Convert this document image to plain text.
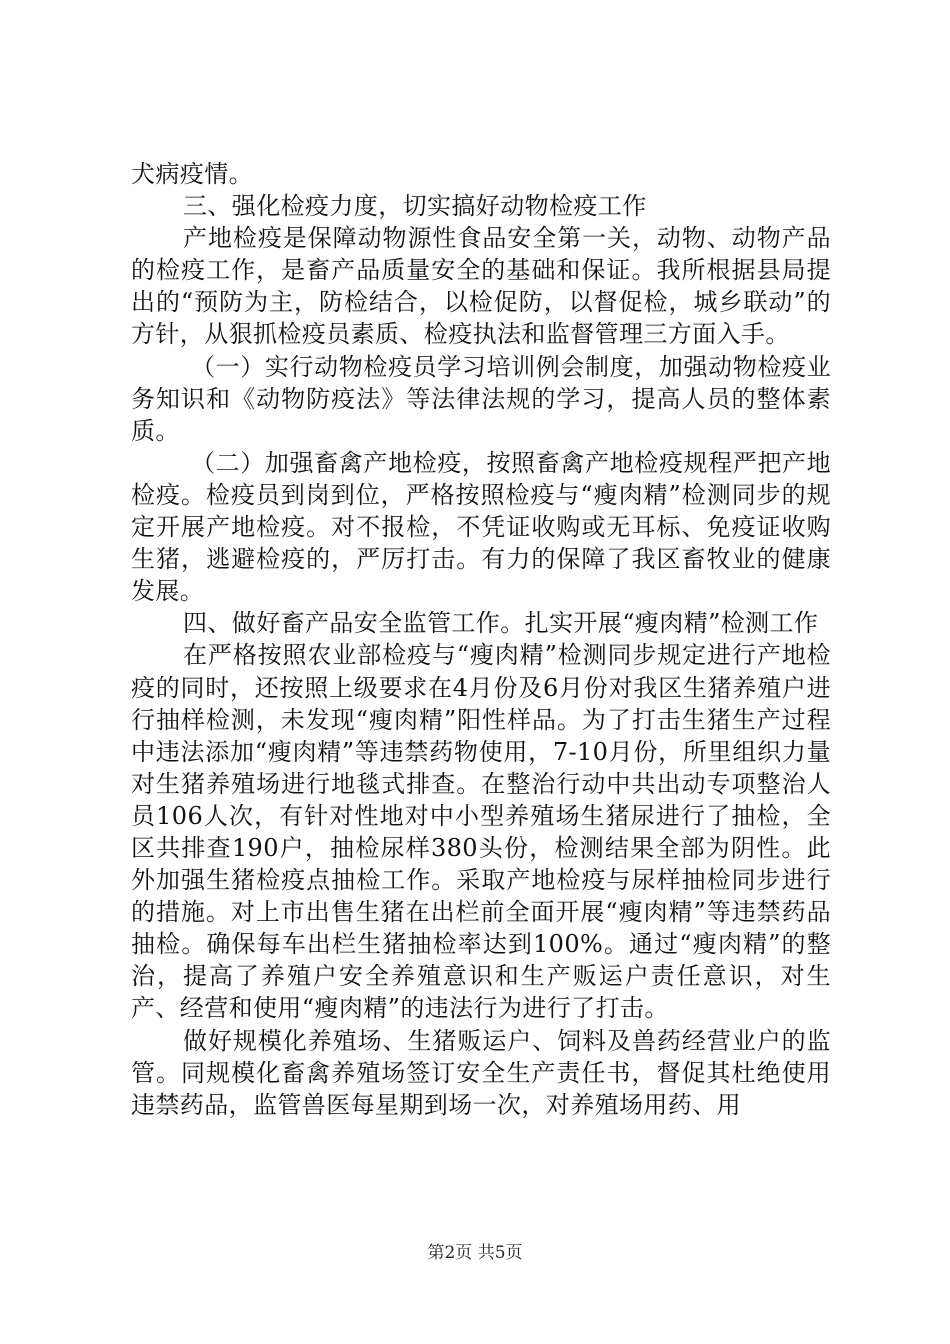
犬病疫情。

三、强化检疫力度，切实搞好动物检疫工作

产地检疫是保障动物源性食品安全第一关，动物、动物产品的检疫工作，是畜产品质量安全的基础和保证。我所根据县局提出的“预防为主，防检结合，以检促防，以督促检，城乡联动”的方针，从狠抓检疫员素质、检疫执法和监督管理三方面入手。

（一）实行动物检疫员学习培训例会制度，加强动物检疫业务知识和《动物防疫法》等法律法规的学习，提高人员的整体素质。

（二）加强畜禽产地检疫，按照畜禽产地检疫规程严把产地检疫。检疫员到岗到位，严格按照检疫与“瘦肉精”检测同步的规定开展产地检疫。对不报检，不凭证收购或无耳标、免疫证收购生猪，逃避检疫的，严厉打击。有力的保障了我区畜牧业的健康发展。

四、做好畜产品安全监管工作。扎实开展“瘦肉精”检测工作

在严格按照农业部检疫与“瘦肉精”检测同步规定进行产地检疫的同时，还按照上级要求在4月份及6月份对我区生猪养殖户进行抽样检测，未发现“瘦肉精”阳性样品。为了打击生猪生产过程中违法添加“瘦肉精”等违禁药物使用，7-10月份，所里组织力量对生猪养殖场进行地毯式排查。在整治行动中共出动专项整治人员106人次，有针对性地对中小型养殖场生猪尿进行了抽检，全区共排查190户，抽检尿样380头份，检测结果全部为阴性。此外加强生猪检疫点抽检工作。采取产地检疫与尿样抽检同步进行的措施。对上市出售生猪在出栏前全面开展“瘦肉精”等违禁药品抽检。确保每车出栏生猪抽检率达到100%。通过“瘦肉精”的整治，提高了养殖户安全养殖意识和生产贩运户责任意识，对生产、经营和使用“瘦肉精”的违法行为进行了打击。

做好规模化养殖场、生猪贩运户、饲料及兽药经营业户的监管。同规模化畜禽养殖场签订安全生产责任书，督促其杜绝使用违禁药品，监管兽医每星期到场一次，对养殖场用药、用

第2页 共5页
